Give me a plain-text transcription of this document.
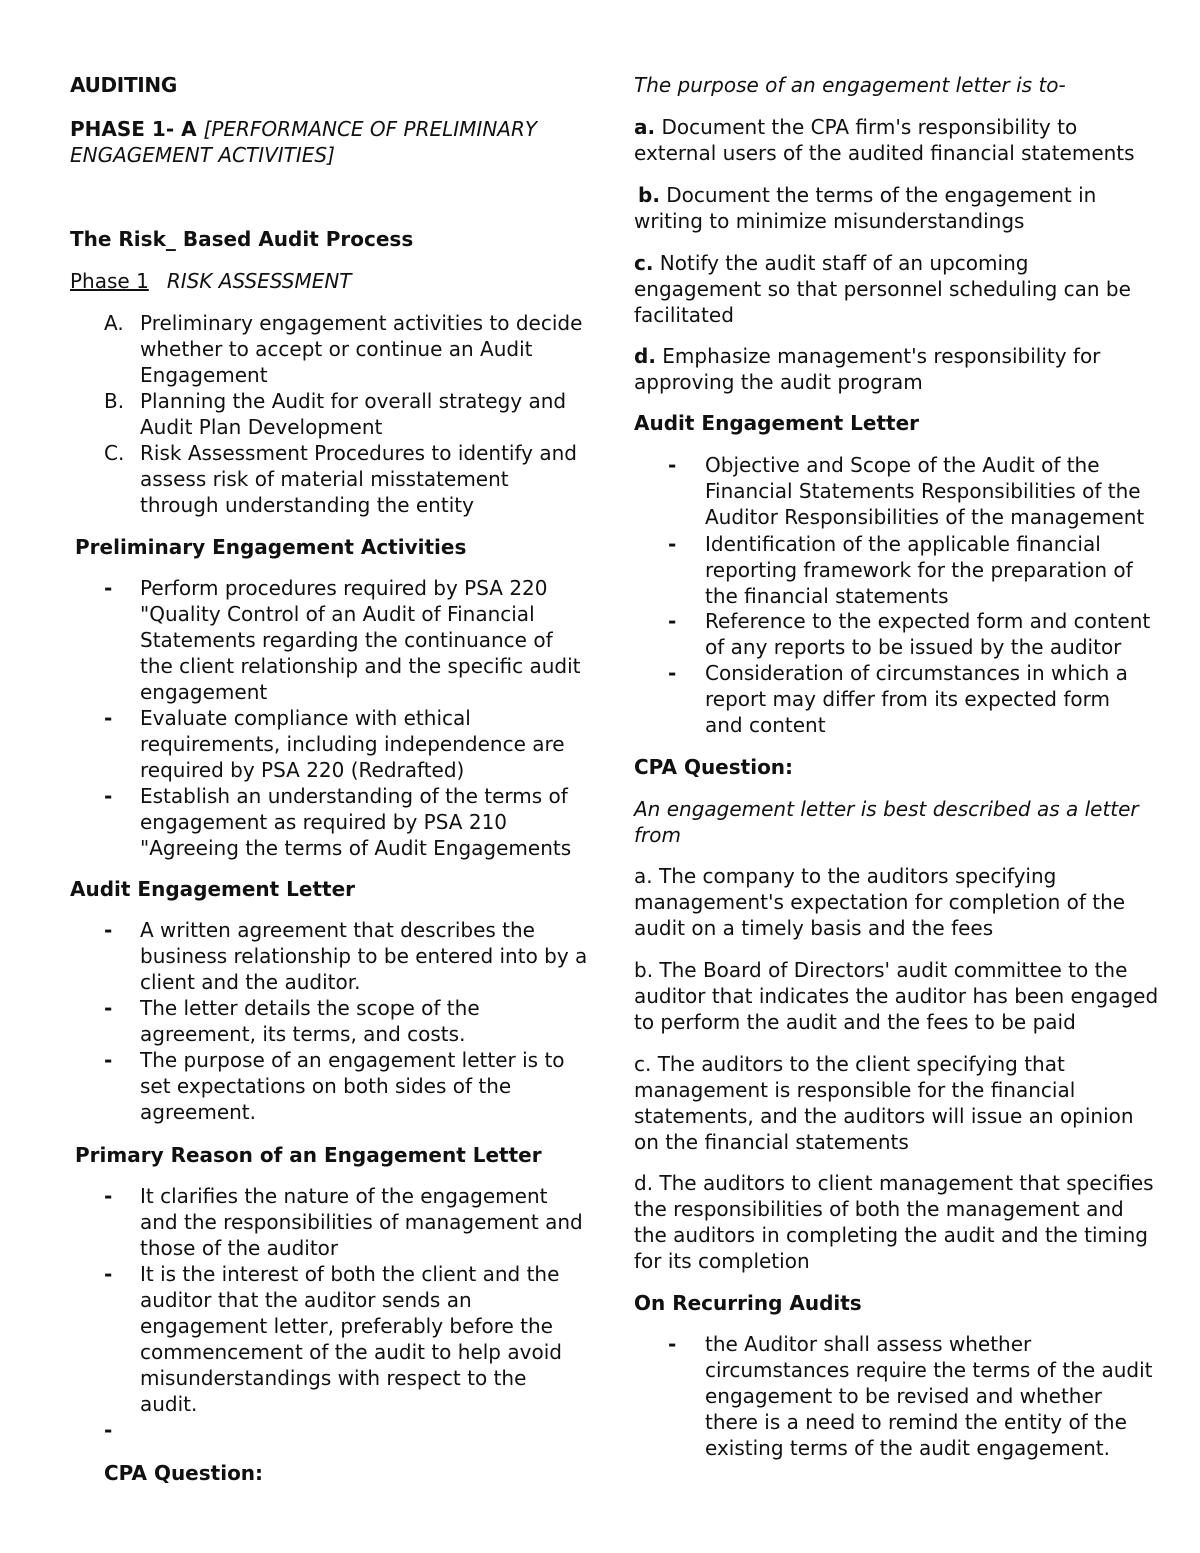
AUDITING
PHASE 1- A [PERFORMANCE OF PRELIMINARY
ENGAGEMENT ACTIVITIES]
The Risk_ Based Audit Process
Phase 1 RISK ASSESSMENT
A. Preliminary engagement activities to decide
whether to accept or continue an Audit
Engagement
B. Planning the Audit for overall strategy and
Audit Plan Development
C. Risk Assessment Procedures to identify and
assess risk of material misstatement
through understanding the entity
Preliminary Engagement Activities
- Perform procedures required by PSA 220
"Quality Control of an Audit of Financial
Statements regarding the continuance of
the client relationship and the specific audit
engagement
- Evaluate compliance with ethical
requirements, including independence are
required by PSA 220 (Redrafted)
- Establish an understanding of the terms of
engagement as required by PSA 210
"Agreeing the terms of Audit Engagements
Audit Engagement Letter
- A written agreement that describes the
business relationship to be entered into by a
client and the auditor.
- The letter details the scope of the
agreement, its terms, and costs.
- The purpose of an engagement letter is to
set expectations on both sides of the
agreement.
Primary Reason of an Engagement Letter
- It clarifies the nature of the engagement
and the responsibilities of management and
those of the auditor
- It is the interest of both the client and the
auditor that the auditor sends an
engagement letter, preferably before the
commencement of the audit to help avoid
misunderstandings with respect to the
audit.
-
CPA Question:
The purpose of an engagement letter is to-
a. Document the CPA firm's responsibility to
external users of the audited financial statements
b. Document the terms of the engagement in
writing to minimize misunderstandings
c. Notify the audit staff of an upcoming
engagement so that personnel scheduling can be
facilitated
d. Emphasize management's responsibility for
approving the audit program
Audit Engagement Letter
- Objective and Scope of the Audit of the
Financial Statements Responsibilities of the
Auditor Responsibilities of the management
- Identification of the applicable financial
reporting framework for the preparation of
the financial statements
- Reference to the expected form and content
of any reports to be issued by the auditor
- Consideration of circumstances in which a
report may differ from its expected form
and content
CPA Question:
An engagement letter is best described as a letter
from
a. The company to the auditors specifying
management's expectation for completion of the
audit on a timely basis and the fees
b. The Board of Directors' audit committee to the
auditor that indicates the auditor has been engaged
to perform the audit and the fees to be paid
c. The auditors to the client specifying that
management is responsible for the financial
statements, and the auditors will issue an opinion
on the financial statements
d. The auditors to client management that specifies
the responsibilities of both the management and
the auditors in completing the audit and the timing
for its completion
On Recurring Audits
- the Auditor shall assess whether
circumstances require the terms of the audit
engagement to be revised and whether
there is a need to remind the entity of the
existing terms of the audit engagement.
